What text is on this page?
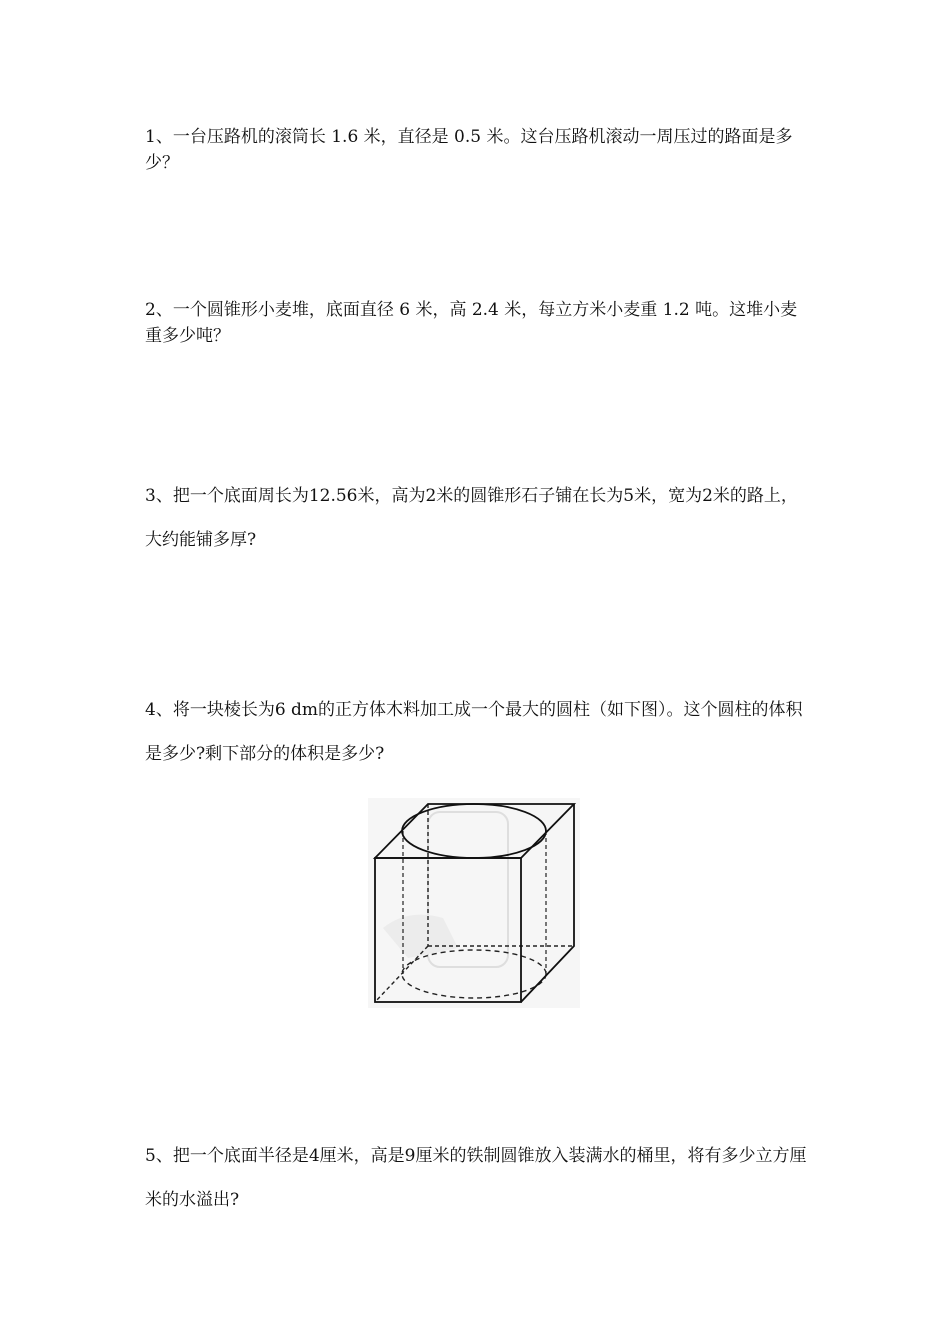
1、一台压路机的滚筒长 1.6 米，直径是 0.5 米。这台压路机滚动一周压过的路面是多少？

2、一个圆锥形小麦堆，底面直径 6 米，高 2.4 米，每立方米小麦重 1.2 吨。这堆小麦重多少吨？

3、把一个底面周长为12.56米，高为2米的圆锥形石子铺在长为5米，宽为2米的路上，大约能铺多厚?

4、将一块棱长为6 dm的正方体木料加工成一个最大的圆柱（如下图）。这个圆柱的体积是多少?剩下部分的体积是多少?

5、把一个底面半径是4厘米，高是9厘米的铁制圆锥放入装满水的桶里，将有多少立方厘米的水溢出?
